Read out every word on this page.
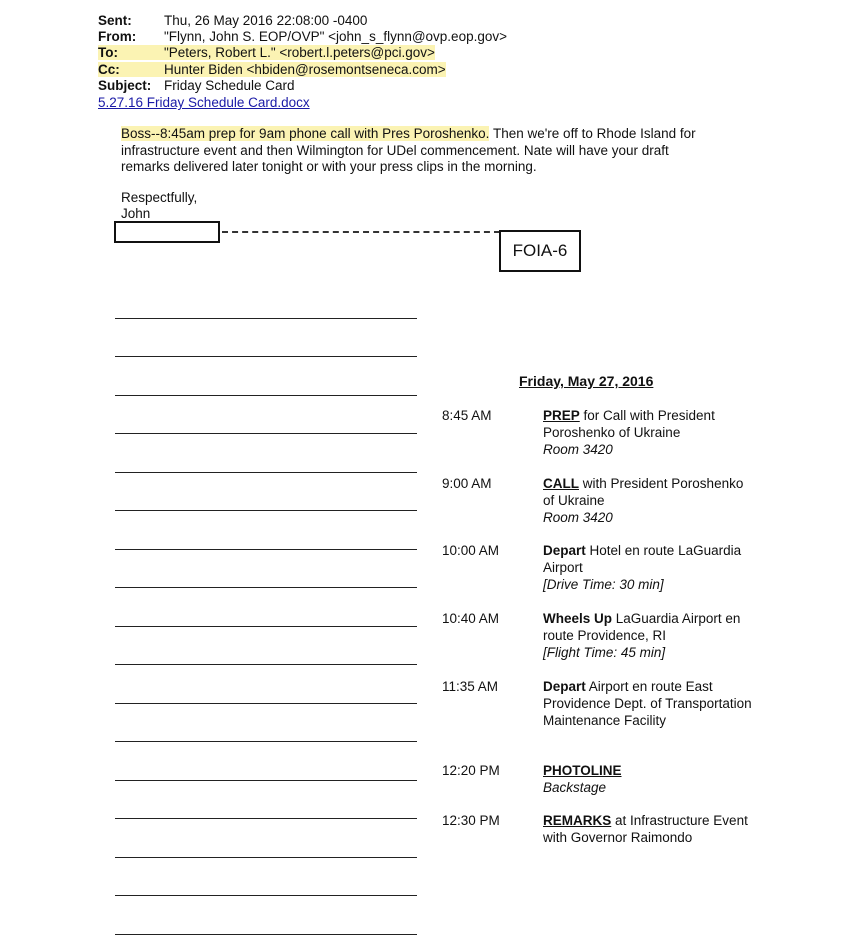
Sent: Thu, 26 May 2016 22:08:00 -0400
From: "Flynn, John S. EOP/OVP" <john_s_flynn@ovp.eop.gov>
To:	"Peters, Robert L." <robert.l.peters@pci.gov>
Cc:	Hunter Biden <hbiden@rosemontseneca.com>
Subject: Friday Schedule Card
5.27.16 Friday Schedule Card.docx
Boss--8:45am prep for 9am phone call with Pres Poroshenko. Then we're off to Rhode Island for infrastructure event and then Wilmington for UDel commencement. Nate will have your draft remarks delivered later tonight or with your press clips in the morning.
Respectfully,
John
FOIA-6
Friday, May 27, 2016
8:45 AM	PREP for Call with President Poroshenko of Ukraine
Room 3420
9:00 AM	CALL with President Poroshenko of Ukraine
Room 3420
10:00 AM	Depart Hotel en route LaGuardia Airport
[Drive Time: 30 min]
10:40 AM	Wheels Up LaGuardia Airport en route Providence, RI
[Flight Time: 45 min]
11:35 AM	Depart Airport en route East Providence Dept. of Transportation Maintenance Facility
12:20 PM	PHOTOLINE
Backstage
12:30 PM	REMARKS at Infrastructure Event with Governor Raimondo
